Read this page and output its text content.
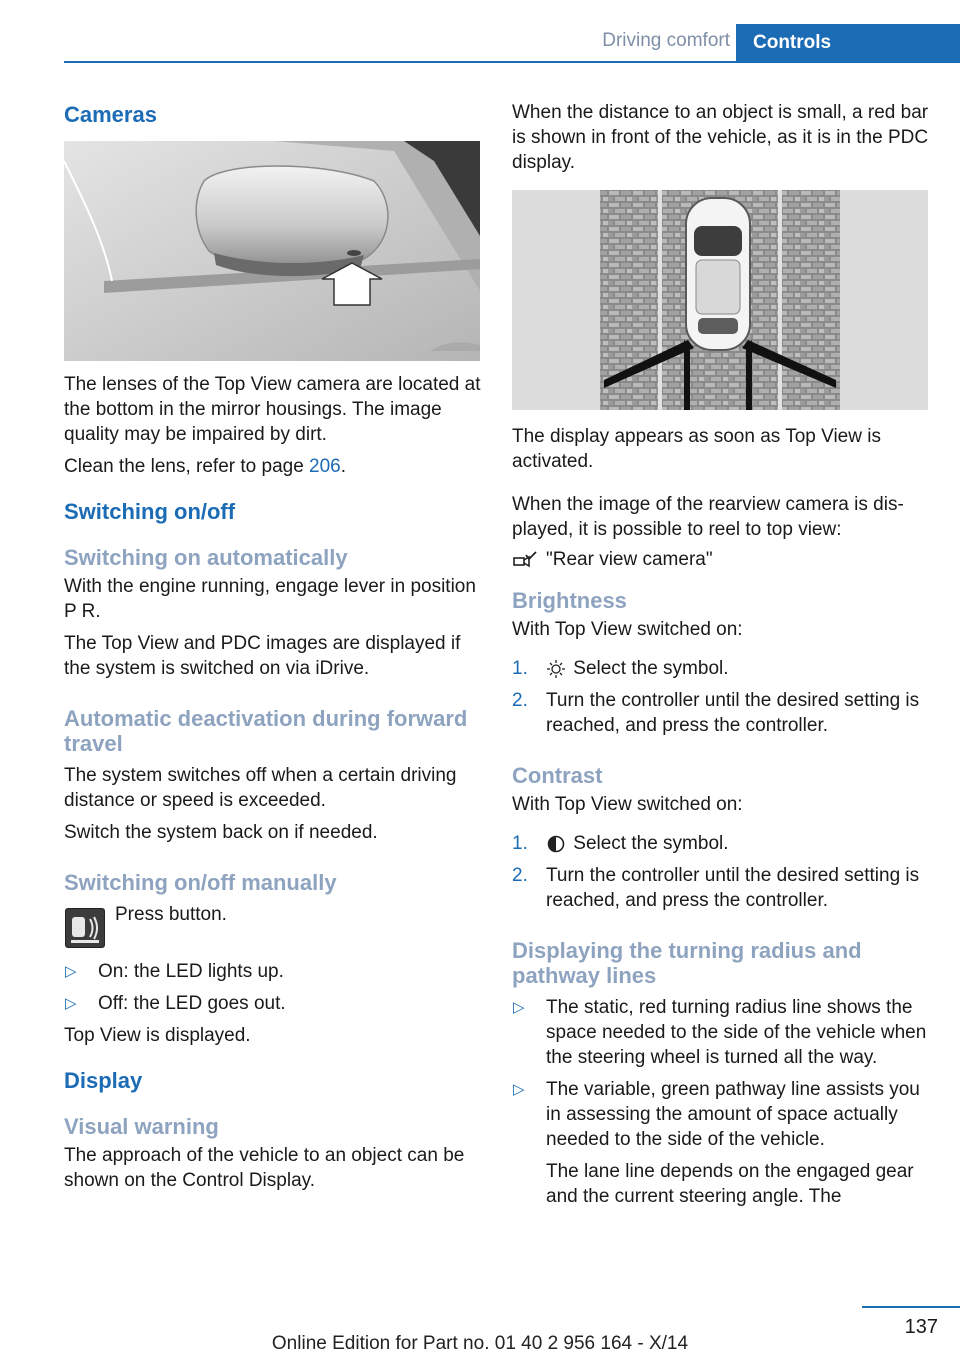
Driving comfort	Controls
Cameras

The lenses of the Top View camera are located at the bottom in the mirror housings. The image quality may be impaired by dirt.

Clean the lens, refer to page 206.

Switching on/off
Switching on automatically

With the engine running, engage lever in position P R.

The Top View and PDC images are displayed if the system is switched on via iDrive.

Automatic deactivation during forward travel

The system switches off when a certain driving distance or speed is exceeded.

Switch the system back on if needed.

Switching on/off manually

Press button.

▷ On: the LED lights up.
▷ Off: the LED goes out.

Top View is displayed.

Display
Visual warning

The approach of the vehicle to an object can be shown on the Control Display.

When the distance to an object is small, a red bar is shown in front of the vehicle, as it is in the PDC display.

The display appears as soon as Top View is activated.

When the image of the rearview camera is displayed, it is possible to reel to top view:

"Rear view camera"

Brightness

With Top View switched on:

1. Select the symbol.
2. Turn the controller until the desired setting is reached, and press the controller.
Contrast

With Top View switched on:

1. Select the symbol.
2. Turn the controller until the desired setting is reached, and press the controller.
Displaying the turning radius and pathway lines
▷ The static, red turning radius line shows the space needed to the side of the vehicle when the steering wheel is turned all the way.
▷ The variable, green pathway line assists you in assessing the amount of space actually needed to the side of the vehicle.

The lane line depends on the engaged gear and the current steering angle. The

137
Online Edition for Part no. 01 40 2 956 164 - X/14
